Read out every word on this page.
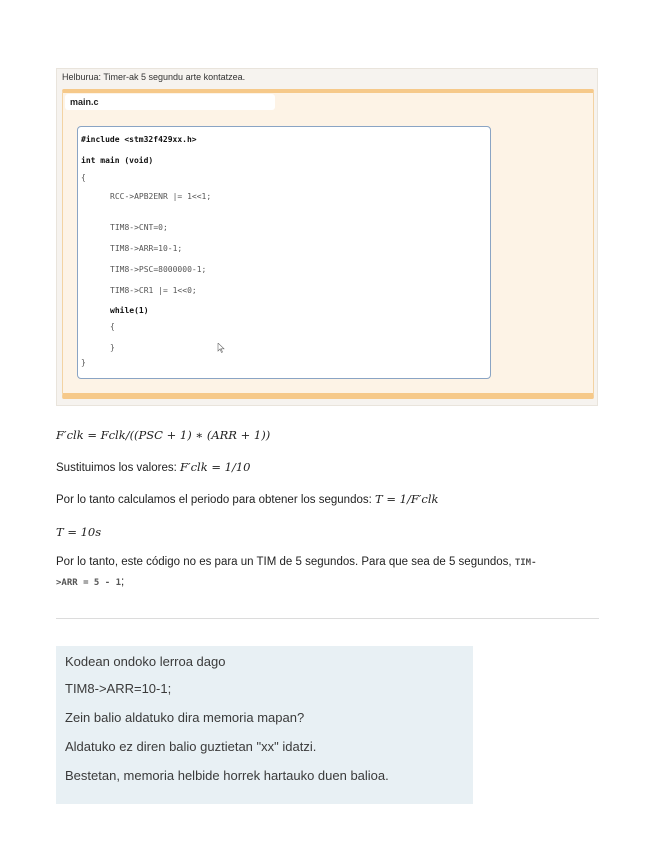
Helburua: Timer-ak 5 segundu arte kontatzea.
main.c
#include <stm32f429xx.h>
int main (void)
{
RCC->APB2ENR |= 1<<1;
TIM8->CNT=0;
TIM8->ARR=10-1;
TIM8->PSC=8000000-1;
TIM8->CR1 |= 1<<0;
while(1)
{
}
}
F′clk = Fclk/((PSC + 1) ∗ (ARR + 1))
Sustituimos los valores: F′clk = 1/10
Por lo tanto calculamos el periodo para obtener los segundos: T = 1/F′clk
T = 10s
Por lo tanto, este código no es para un TIM de 5 segundos. Para que sea de 5 segundos, TIM-
>ARR = 5 - 1;
Kodean ondoko lerroa dago
TIM8->ARR=10-1;
Zein balio aldatuko dira memoria mapan?
Aldatuko ez diren balio guztietan "xx" idatzi.
Bestetan, memoria helbide horrek hartauko duen balioa.
